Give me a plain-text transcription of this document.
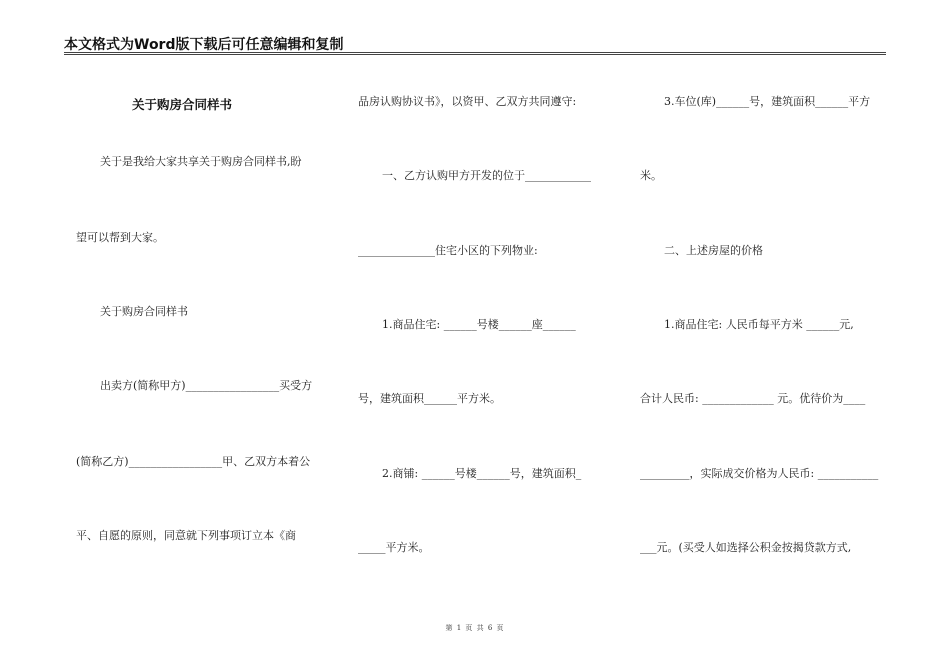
本文格式为Word版下载后可任意编辑和复制
关于购房合同样书
关于是我给大家共享关于购房合同样书,盼
望可以帮到大家。
关于购房合同样书
出卖方(简称甲方)_________________买受方
(简称乙方)_________________甲、乙双方本着公
平、自愿的原则，同意就下列事项订立本《商
品房认购协议书》，以资甲、乙双方共同遵守:
一、乙方认购甲方开发的位于____________
______________住宅小区的下列物业:
1.商品住宅: ______号楼______座______
号，建筑面积______平方米。
2.商铺: ______号楼______号，建筑面积_
_____平方米。
3.车位(库)______号，建筑面积______平方
米。
二、上述房屋的价格
1.商品住宅: 人民币每平方米 ______元,
合计人民币: _____________ 元。优待价为____
_________，实际成交价格为人民币: ___________
___元。(买受人如选择公积金按揭贷款方式,
第 1 页 共 6 页
